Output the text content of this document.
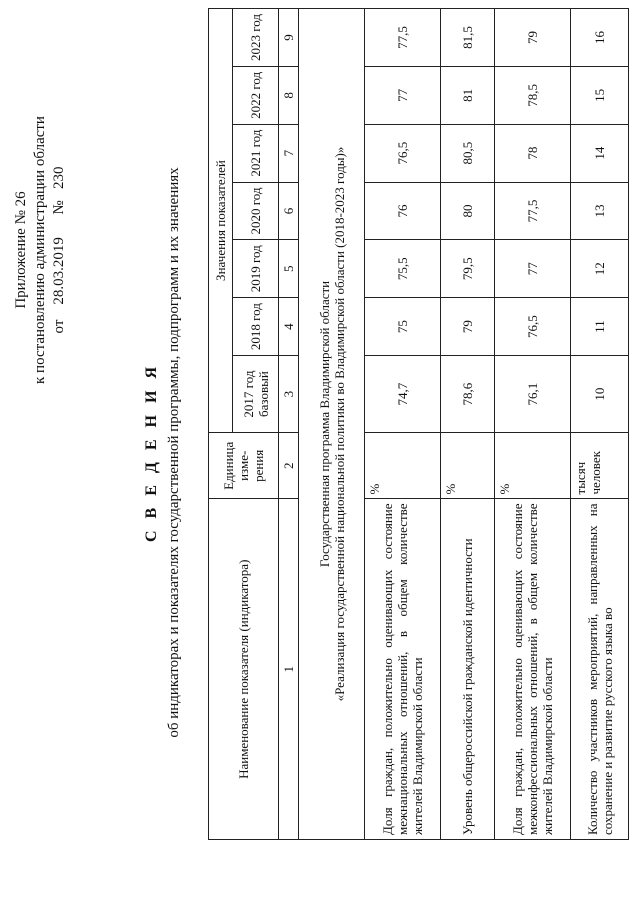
Приложение № 26 к постановлению администрации области от    28.03.2019      №   230
С В Е Д Е Н И Я об индикаторах и показателях государственной программы, подпрограмм и их значениях	Наименование показателя (индикатора)	Единица изме-рения	Значения показателей						
		2017 год базовый	2018 год	2019 год	2020 год	2021 год	2022 год	2023 год
1	2	3	4	5	6	7	8	9

Государственная программа Владимирской области «Реализация государственной национальной политики во Владимирской области (2018-2023 годы)»								

Доля граждан, положительно оценивающих состояние межнациональных отношений, в общем количестве жителей Владимирской области	%	74,7	75	75,5	76	76,5	77	77,5
Уровень общероссийской гражданской идентичности	%	78,6	79	79,5	80	80,5	81	81,5
Доля граждан, положительно оценивающих состояние межконфессиональных отношений, в общем количестве жителей Владимирской области	%	76,1	76,5	77	77,5	78	78,5	79
Количество участников мероприятий, направленных на сохранение и развитие русского языка во	тысяч человек	10	11	12	13	14	15	16
